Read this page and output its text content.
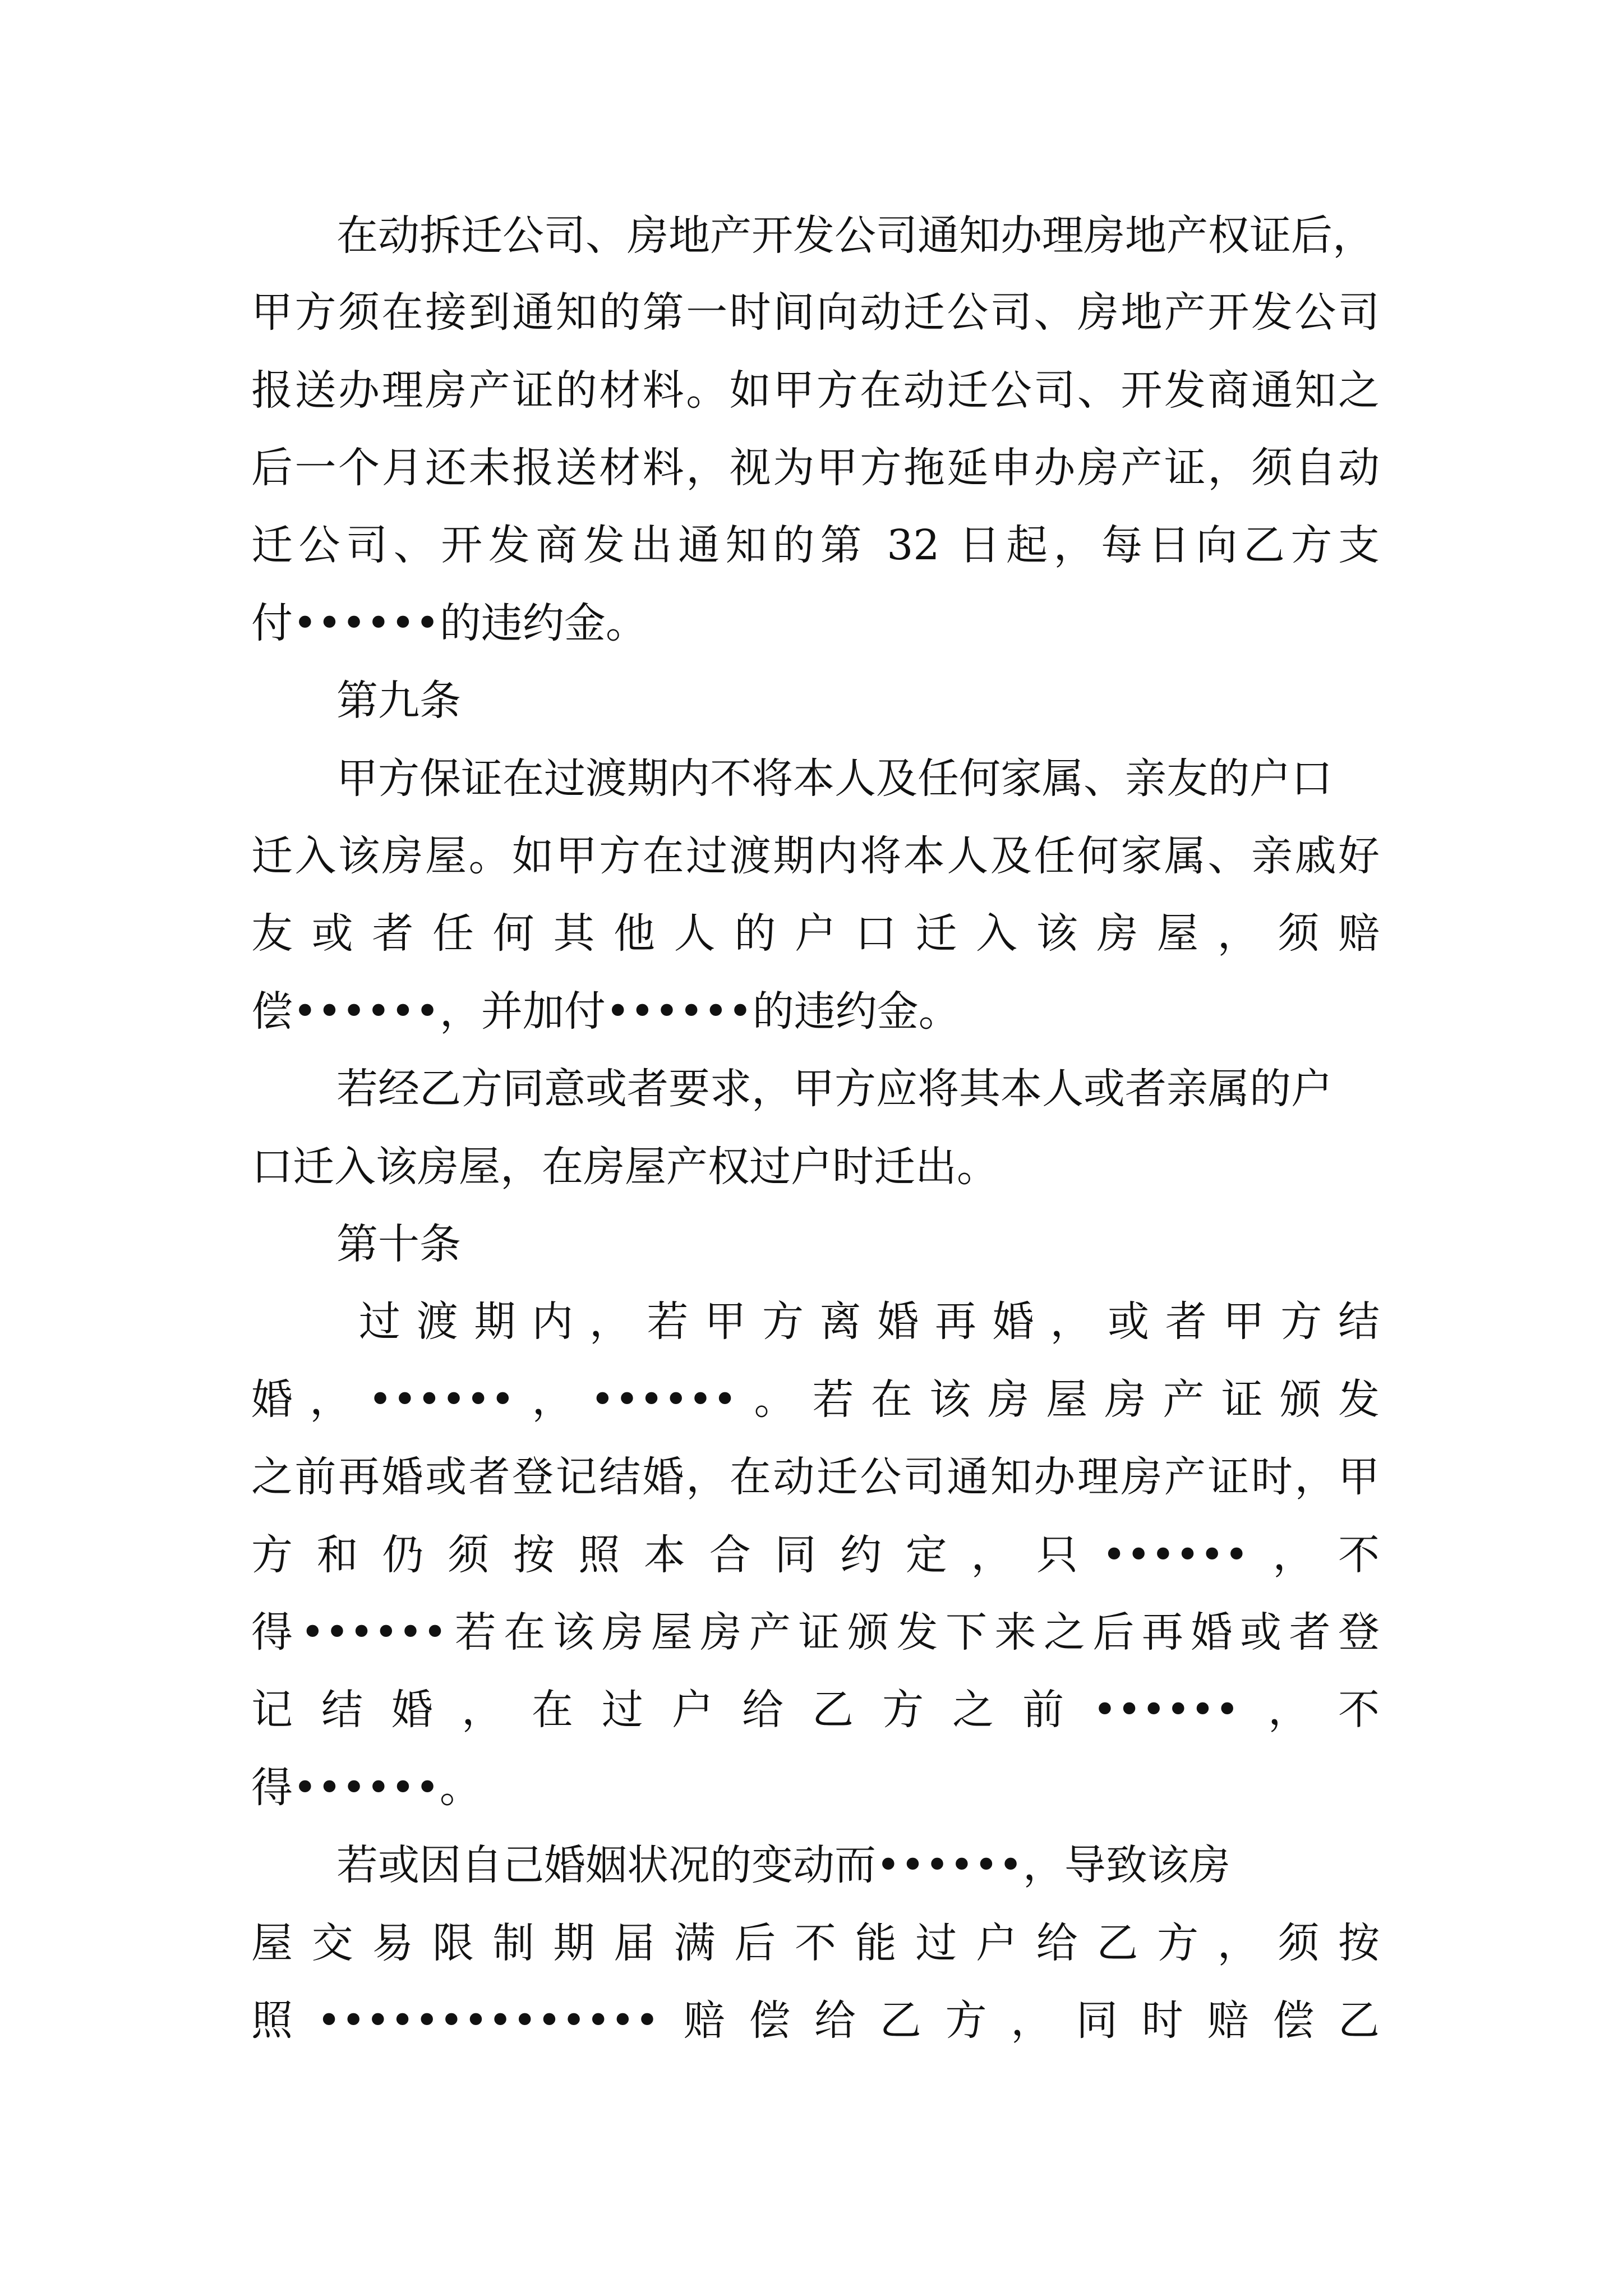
在动拆迁公司、房地产开发公司通知办理房地产权证后，

甲方须在接到通知的第一时间向动迁公司、房地产开发公司

报送办理房产证的材料。如甲方在动迁公司、开发商通知之

后一个月还未报送材料，视为甲方拖延申办房产证，须自动

迁公司、开发商发出通知的第 32 日起，每日向乙方支

付••••••的违约金。

第九条

甲方保证在过渡期内不将本人及任何家属、亲友的户口

迁入该房屋。如甲方在过渡期内将本人及任何家属、亲戚好

友或者任何其他人的户口迁入该房屋，须赔

偿••••••，并加付••••••的违约金。

若经乙方同意或者要求，甲方应将其本人或者亲属的户

口迁入该房屋，在房屋产权过户时迁出。

第十条

过渡期内，若甲方离婚再婚，或者甲方结

婚，••••••，••••••。若在该房屋房产证颁发

之前再婚或者登记结婚，在动迁公司通知办理房产证时，甲

方和仍须按照本合同约定，只••••••，不

得••••••若在该房屋房产证颁发下来之后再婚或者登

记结婚，在过户给乙方之前••••••，不

得••••••。

若或因自己婚姻状况的变动而••••••，导致该房

屋交易限制期届满后不能过户给乙方，须按

照••••••••••••••赔偿给乙方，同时赔偿乙
